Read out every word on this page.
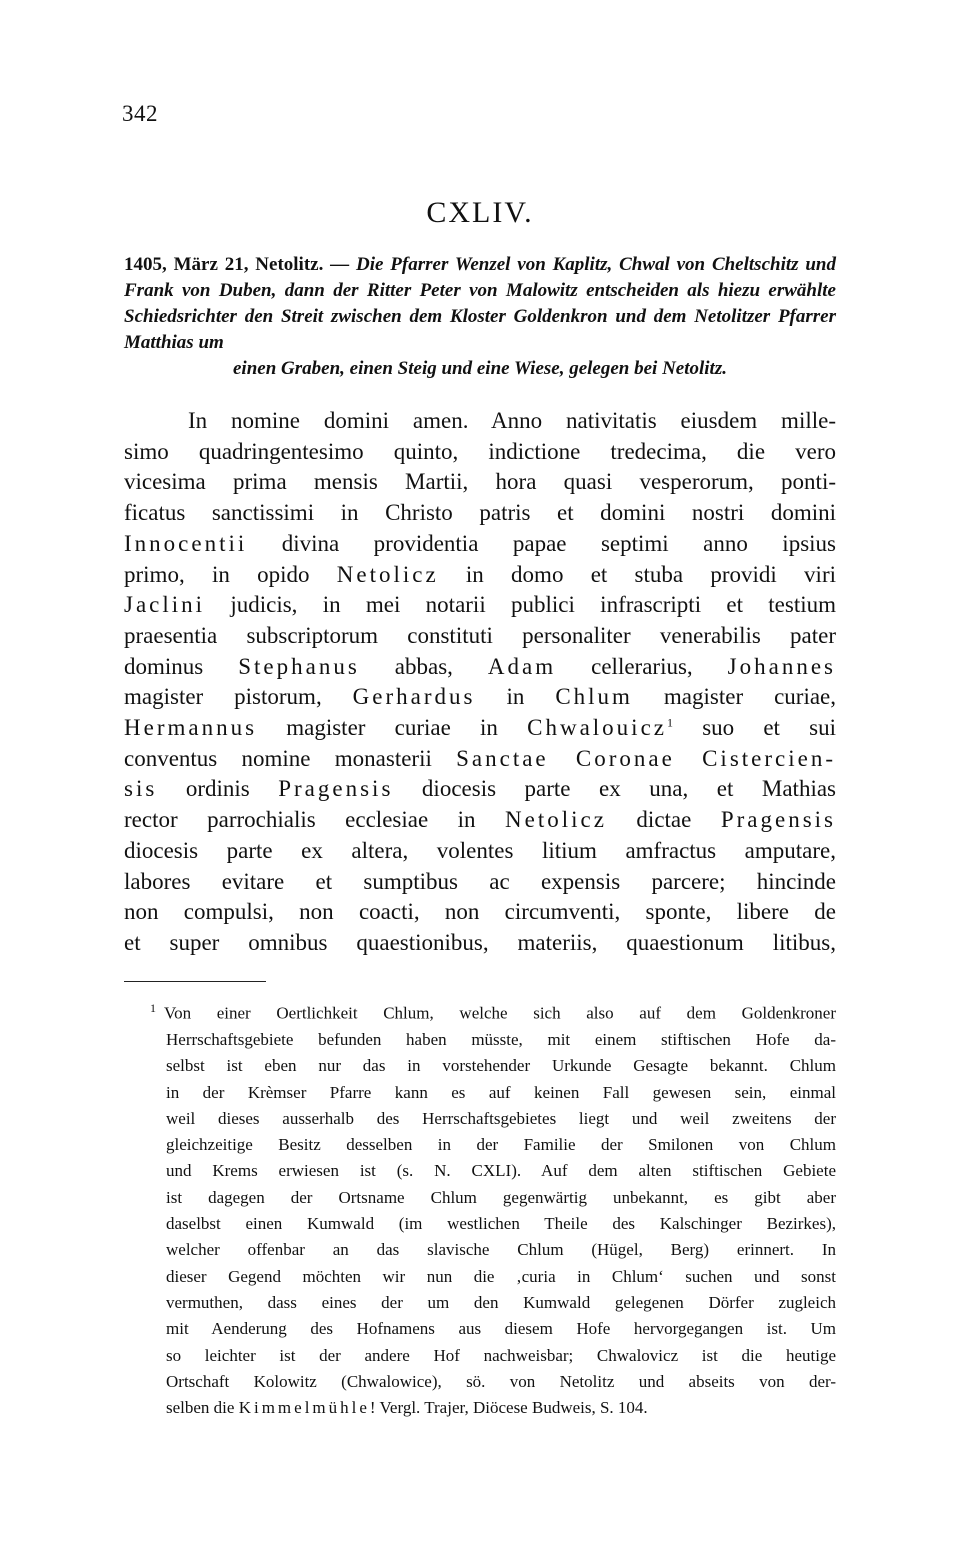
342
CXLIV.
1405, März 21, Netolitz. — Die Pfarrer Wenzel von Kaplitz, Chwal von Cheltschitz und Frank von Duben, dann der Ritter Peter von Malowitz entscheiden als hiezu erwählte Schiedsrichter den Streit zwischen dem Kloster Goldenkron und dem Netolitzer Pfarrer Matthias um
einen Graben, einen Steig und eine Wiese, gelegen bei Netolitz.
In nomine domini amen. Anno nativitatis eiusdem mille-
simo quadringentesimo quinto, indictione tredecima, die vero
vicesima prima mensis Martii, hora quasi vesperorum, ponti-
ficatus sanctissimi in Christo patris et domini nostri domini
Innocentii divina providentia papae septimi anno ipsius
primo, in opido Netolicz in domo et stuba providi viri
Jaclini judicis, in mei notarii publici infrascripti et testium
praesentia subscriptorum constituti personaliter venerabilis pater
dominus Stephanus abbas, Adam cellerarius, Johannes
magister pistorum, Gerhardus in Chlum magister curiae,
Hermannus magister curiae in Chwalouicz$^1$ suo et sui
conventus nomine monasterii Sanctae Coronae Cistercien-
sis ordinis Pragensis diocesis parte ex una, et Mathias
rector parrochialis ecclesiae in Netolicz dictae Pragensis
diocesis parte ex altera, volentes litium amfractus amputare,
labores evitare et sumptibus ac expensis parcere; hincinde
non compulsi, non coacti, non circumventi, sponte, libere de
et super omnibus quaestionibus, materiis, quaestionum litibus,
$^1$ Von einer Oertlichkeit Chlum, welche sich also auf dem Goldenkroner
Herrschaftsgebiete befunden haben müsste, mit einem stiftischen Hofe da-
selbst ist eben nur das in vorstehender Urkunde Gesagte bekannt. Chlum
in der Krèmser Pfarre kann es auf keinen Fall gewesen sein, einmal
weil dieses ausserhalb des Herrschaftsgebietes liegt und weil zweitens der
gleichzeitige Besitz desselben in der Familie der Smilonen von Chlum
und Krems erwiesen ist (s. N. CXLI). Auf dem alten stiftischen Gebiete
ist dagegen der Ortsname Chlum gegenwärtig unbekannt, es gibt aber
daselbst einen Kumwald (im westlichen Theile des Kalschinger Bezirkes),
welcher offenbar an das slavische Chlum (Hügel, Berg) erinnert. In
dieser Gegend möchten wir nun die ‚curia in Chlum‘ suchen und sonst
vermuthen, dass eines der um den Kumwald gelegenen Dörfer zugleich
mit Aenderung des Hofnamens aus diesem Hofe hervorgegangen ist. Um
so leichter ist der andere Hof nachweisbar; Chwalovicz ist die heutige
Ortschaft Kolowitz (Chwalowice), sö. von Netolitz und abseits von der-
selben die Kimmelmühle! Vergl. Trajer, Diöcese Budweis, S. 104.
